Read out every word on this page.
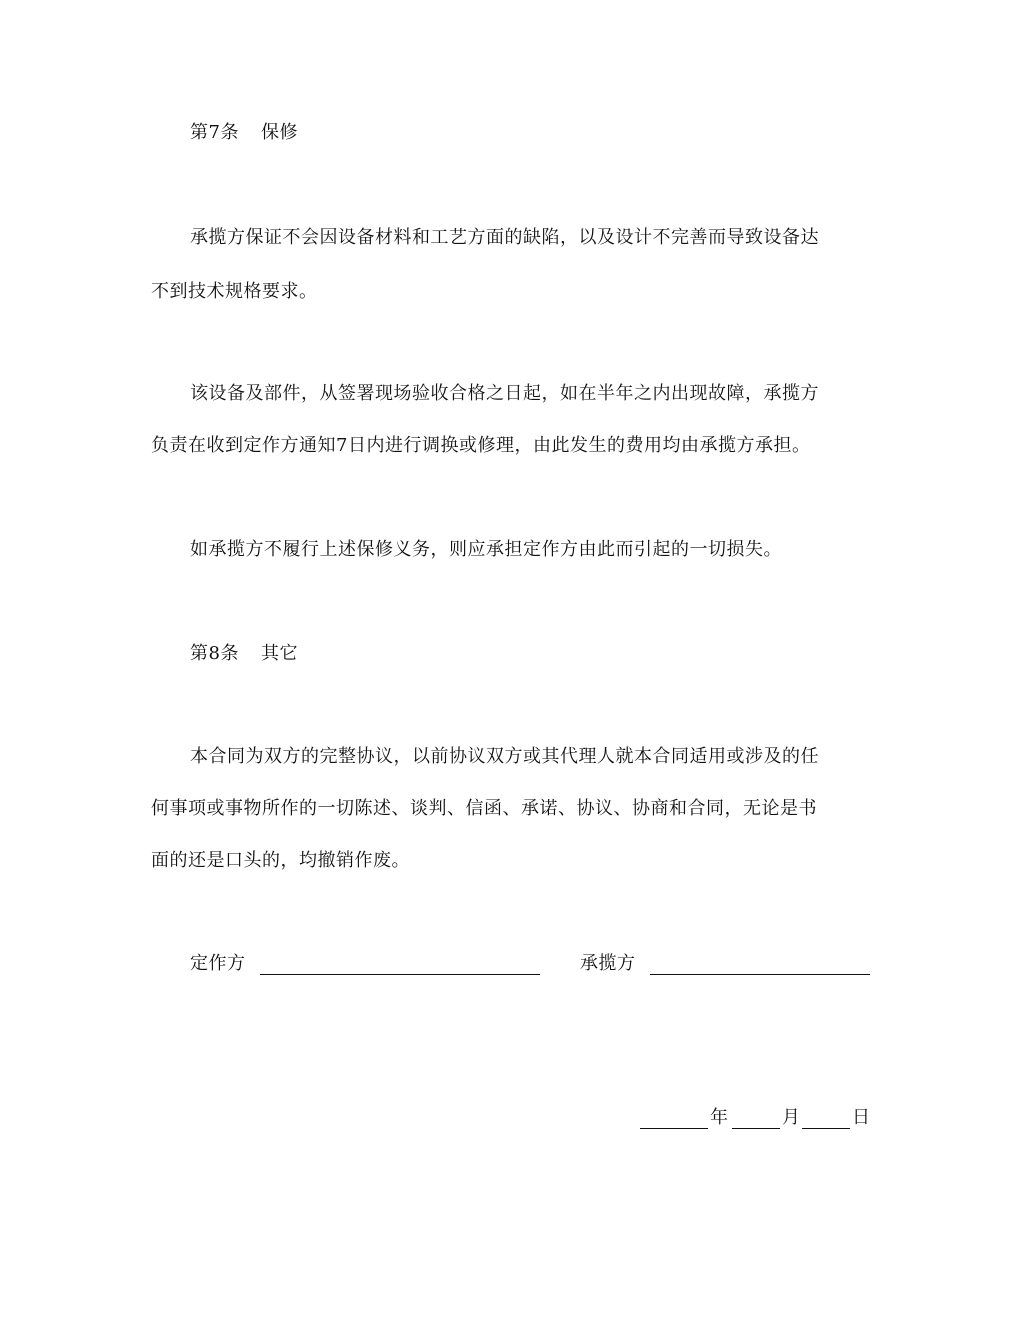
第7条 保修
承揽方保证不会因设备材料和工艺方面的缺陷，以及设计不完善而导致设备达
不到技术规格要求。
该设备及部件，从签署现场验收合格之日起，如在半年之内出现故障，承揽方
负责在收到定作方通知7日内进行调换或修理，由此发生的费用均由承揽方承担。
如承揽方不履行上述保修义务，则应承担定作方由此而引起的一切损失。
第8条 其它
本合同为双方的完整协议，以前协议双方或其代理人就本合同适用或涉及的任
何事项或事物所作的一切陈述、谈判、信函、承诺、协议、协商和合同，无论是书
面的还是口头的，均撤销作废。
定作方	承揽方
年	月	日
